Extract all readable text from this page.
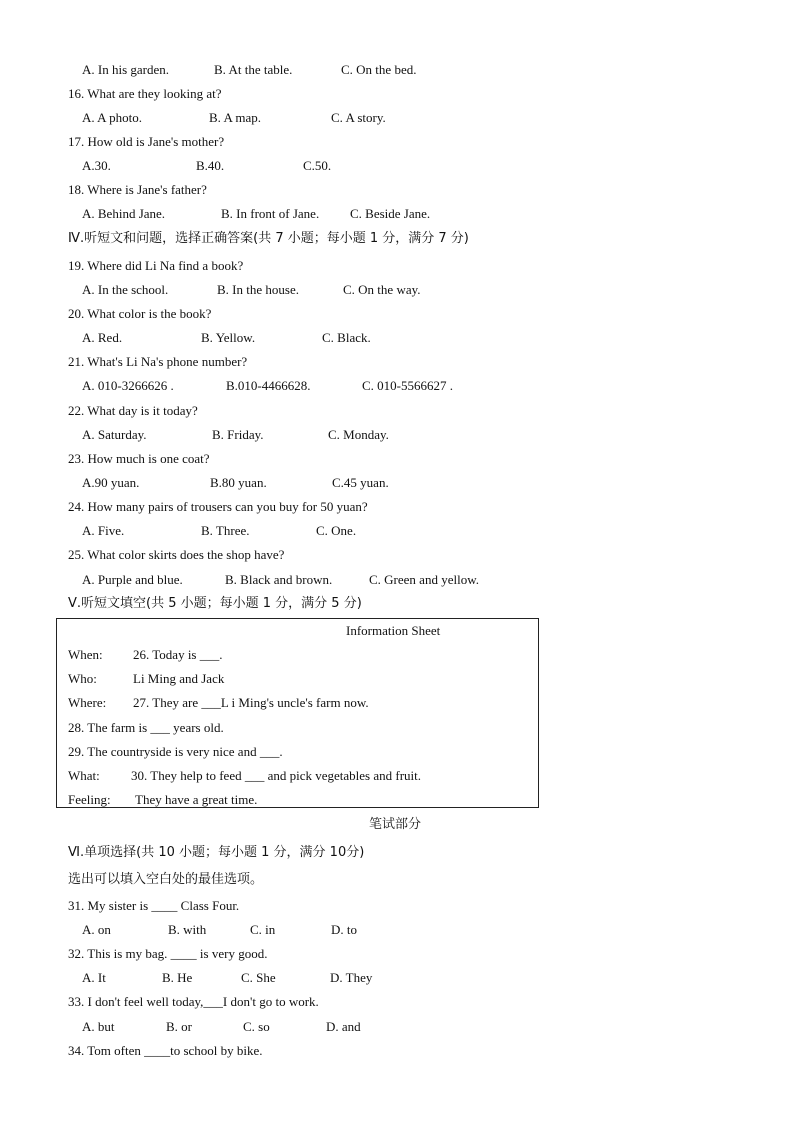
A. In his garden.	B. At the table.	C. On the bed.
16. What are they looking at?
A. A photo.	B. A map.	C. A story.
17. How old is Jane's mother?
A.30.	B.40.	C.50.
18. Where is Jane's father?
A. Behind Jane.	B. In front of Jane. C. Beside Jane.
Ⅳ.听短文和问题，选择正确答案(共 7 小题；每小题 1 分，满分 7 分)
19. Where did Li Na find a book?
A. In the school.	B. In the house.	C. On the way.
20. What color is the book?
A. Red.	B. Yellow.	C. Black.
21. What's Li Na's phone number?
A. 010-3266626 .	B.010-4466628.	C. 010-5566627 .
22. What day is it today?
A. Saturday.	B. Friday.	C. Monday.
23. How much is one coat?
A.90 yuan.	B.80 yuan.	C.45 yuan.
24. How many pairs of trousers can you buy for 50 yuan?
A. Five.	B. Three.	C. One.
25. What color skirts does the shop have?
A. Purple and blue.	B. Black and brown.	C. Green and yellow.
Ⅴ.听短文填空(共 5 小题；每小题 1 分，满分 5 分)
Information Sheet
When: 26. Today is ___.
Who:	Li Ming and Jack
Where: 27. They are ___L i Ming's uncle's farm now.
28. The farm is ___ years old.
29. The countryside is very nice and ___.
What: 30. They help to feed ___ and pick vegetables and fruit.
Feeling: They have a great time.
笔试部分
Ⅵ.单项选择(共 10 小题；每小题 1 分，满分 10分)
选出可以填入空白处的最佳选项。
31. My sister is ____ Class Four.
A. on	B. with	C. in	D. to
32. This is my bag. ____ is very good.
A. It	B. He	C. She	D. They
33. I don't feel well today,___I don't go to work.
A. but	B. or	C. so	D. and
34. Tom often ____to school by bike.
